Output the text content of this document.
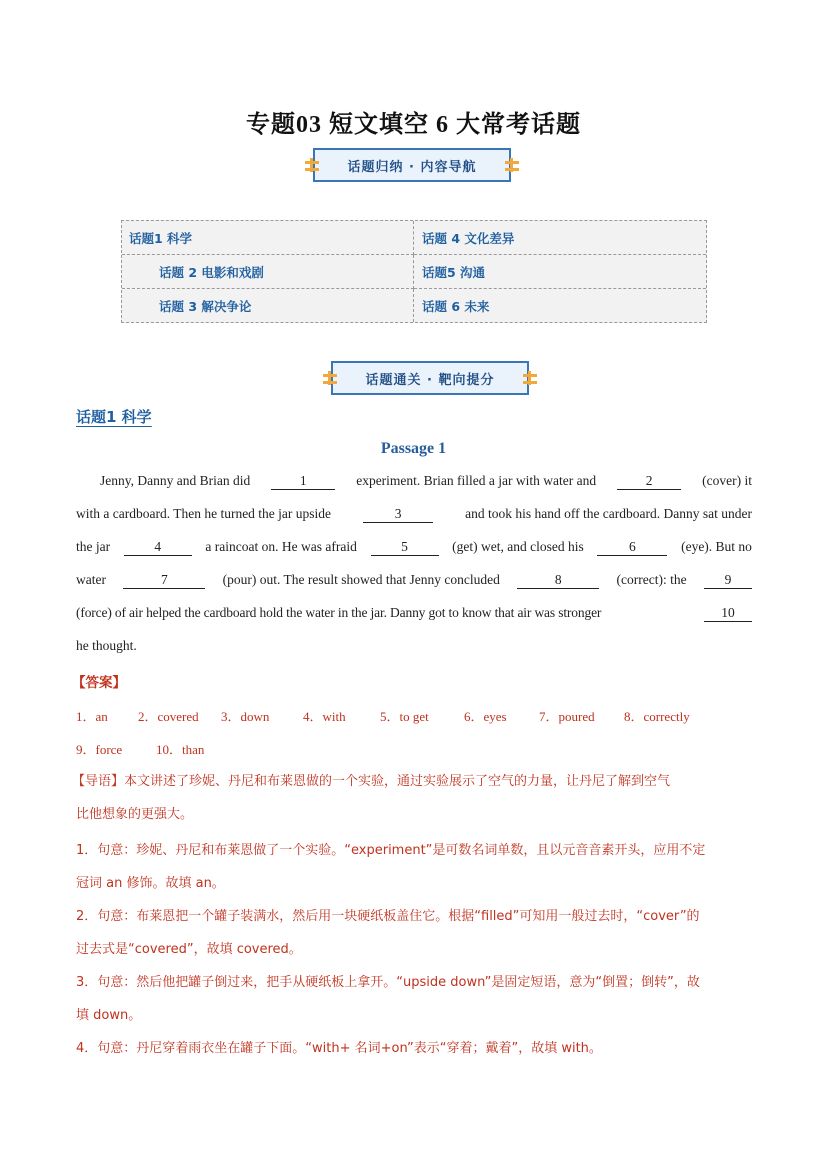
专题03 短文填空 6 大常考话题
话题归纳 · 内容导航
话题1 科学	话题 4 文化差异
话题 2 电影和戏剧	话题5 沟通
话题 3 解决争论	话题 6 未来
话题通关 · 靶向提分
话题1 科学
Passage 1
Jenny, Danny and Brian did	1	experiment. Brian filled a jar with water and	2	(cover) it
with a cardboard. Then he turned the jar upside	3	and took his hand off the cardboard. Danny sat under
the jar	4	a raincoat on. He was afraid	5	(get) wet, and closed his	6	(eye). But no
water	7	(pour) out. The result showed that Jenny concluded	8	(correct): the	9
(force) of air helped the cardboard hold the water in the jar. Danny got to know that air was stronger	10
he thought.
【答案】
1．an 2．covered 3．down	4．with	5．to get	6．eyes 7．poured 8．correctly
9．force	10．than
【导语】本文讲述了珍妮、丹尼和布莱恩做的一个实验，通过实验展示了空气的力量，让丹尼了解到空气
比他想象的更强大。
1．句意：珍妮、丹尼和布莱恩做了一个实验。“experiment”是可数名词单数，且以元音音素开头，应用不定
冠词 an 修饰。故填 an。
2．句意：布莱恩把一个罐子装满水，然后用一块硬纸板盖住它。根据“filled”可知用一般过去时，“cover”的
过去式是“covered”，故填 covered。
3．句意：然后他把罐子倒过来，把手从硬纸板上拿开。“upside down”是固定短语，意为“倒置；倒转”，故
填 down。
4．句意：丹尼穿着雨衣坐在罐子下面。“with+ 名词+on”表示“穿着；戴着”，故填 with。
